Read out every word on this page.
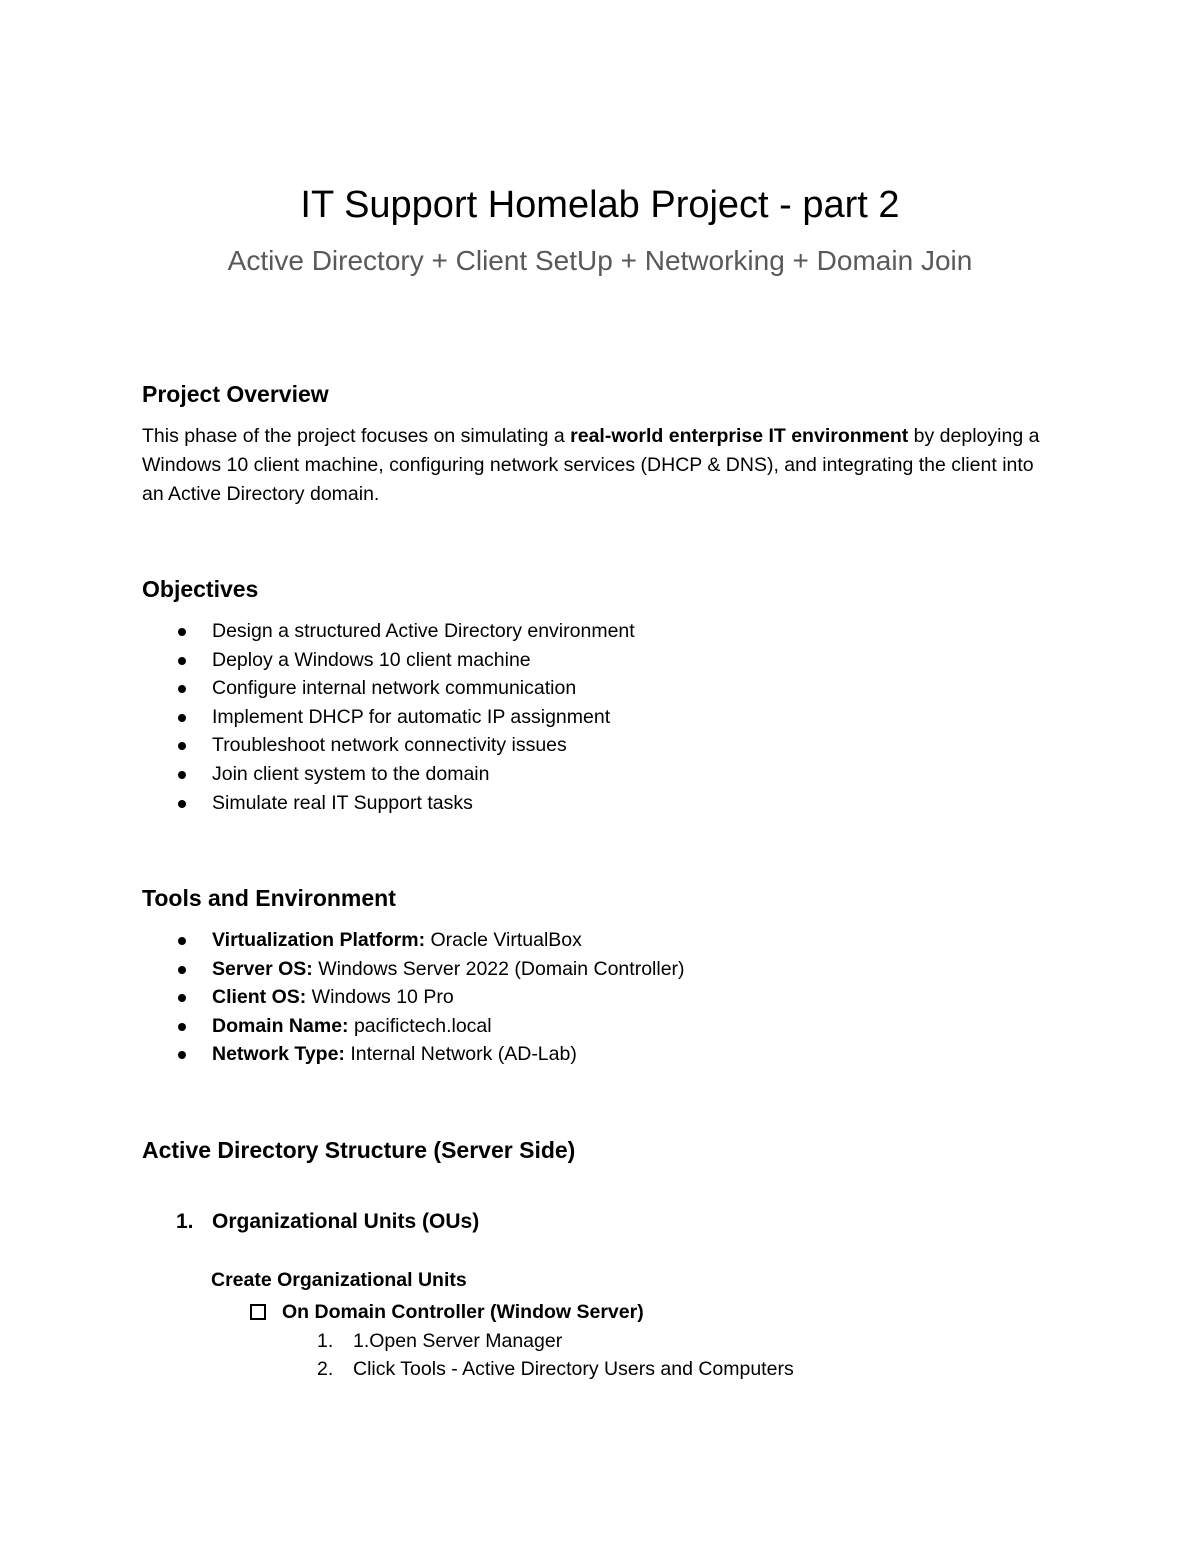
IT Support Homelab Project - part 2
Active Directory + Client SetUp + Networking + Domain Join
Project Overview

This phase of the project focuses on simulating a real-world enterprise IT environment by deploying a Windows 10 client machine, configuring network services (DHCP & DNS), and integrating the client into an Active Directory domain.

Objectives
Design a structured Active Directory environment
Deploy a Windows 10 client machine
Configure internal network communication
Implement DHCP for automatic IP assignment
Troubleshoot network connectivity issues
Join client system to the domain
Simulate real IT Support tasks
Tools and Environment
Virtualization Platform: Oracle VirtualBox
Server OS: Windows Server 2022 (Domain Controller)
Client OS: Windows 10 Pro
Domain Name: pacifictech.local
Network Type: Internal Network (AD-Lab)
Active Directory Structure (Server Side)
1. Organizational Units (OUs)
Create Organizational Units
On Domain Controller (Window Server)
1. 1.Open Server Manager
2. Click Tools - Active Directory Users and Computers
